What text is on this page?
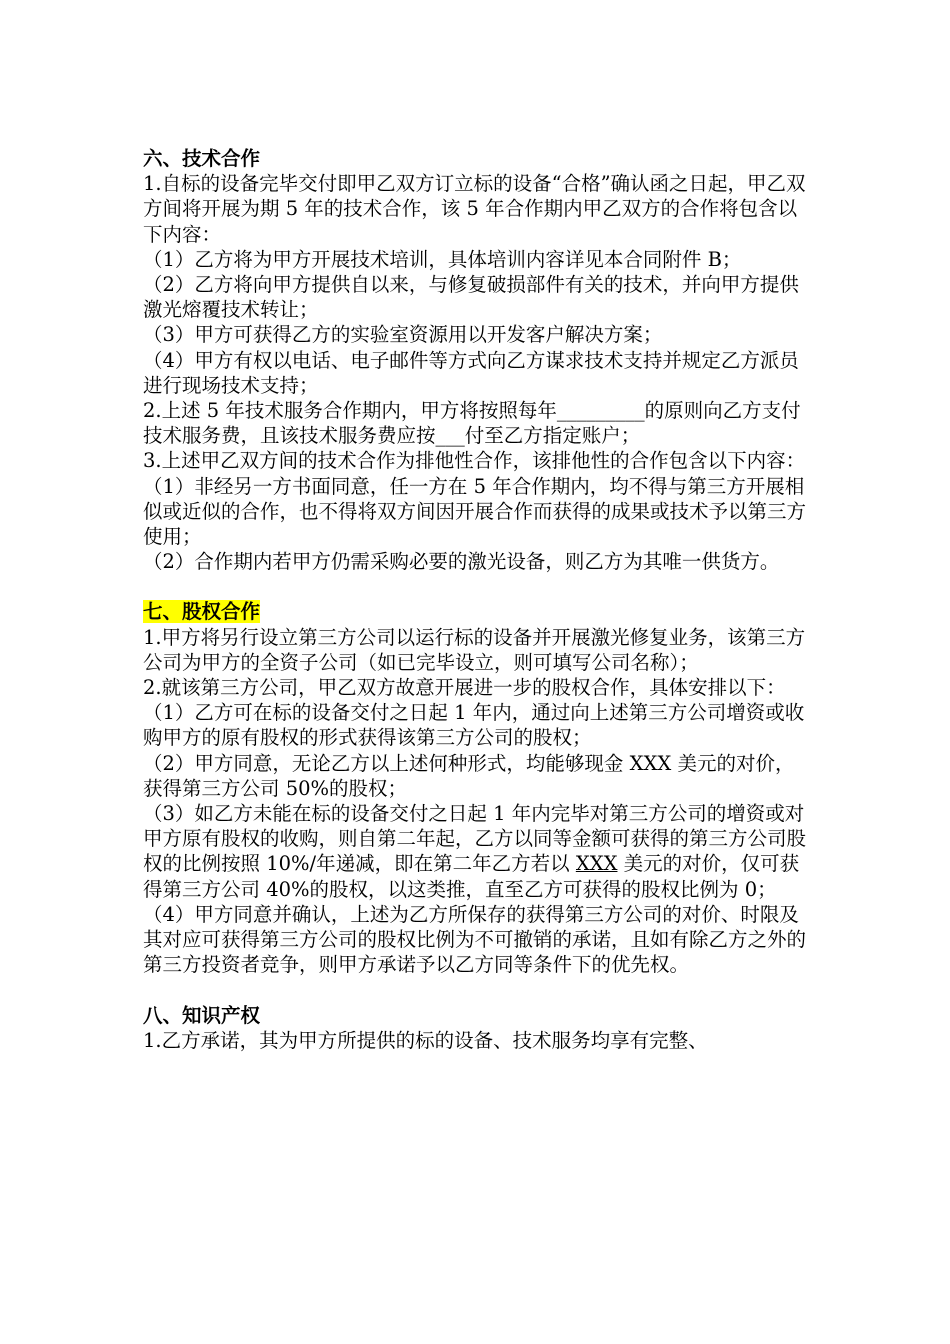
六、技术合作

1.自标的设备完毕交付即甲乙双方订立标的设备“合格”确认函之日起，甲乙双方间将开展为期 5 年的技术合作，该 5 年合作期内甲乙双方的合作将包含以下内容：

（1）乙方将为甲方开展技术培训，具体培训内容详见本合同附件 B；

（2）乙方将向甲方提供自以来，与修复破损部件有关的技术，并向甲方提供激光熔覆技术转让；

（3）甲方可获得乙方的实验室资源用以开发客户解决方案；

（4）甲方有权以电话、电子邮件等方式向乙方谋求技术支持并规定乙方派员进行现场技术支持；

2.上述 5 年技术服务合作期内，甲方将按照每年_________的原则向乙方支付技术服务费，且该技术服务费应按___付至乙方指定账户；

3.上述甲乙双方间的技术合作为排他性合作，该排他性的合作包含以下内容：

（1）非经另一方书面同意，任一方在 5 年合作期内，均不得与第三方开展相似或近似的合作，也不得将双方间因开展合作而获得的成果或技术予以第三方使用；

（2）合作期内若甲方仍需采购必要的激光设备，则乙方为其唯一供货方。

七、股权合作

1.甲方将另行设立第三方公司以运行标的设备并开展激光修复业务，该第三方公司为甲方的全资子公司（如已完毕设立，则可填写公司名称）；

2.就该第三方公司，甲乙双方故意开展进一步的股权合作，具体安排以下：

（1）乙方可在标的设备交付之日起 1 年内，通过向上述第三方公司增资或收购甲方的原有股权的形式获得该第三方公司的股权；

（2）甲方同意，无论乙方以上述何种形式，均能够现金 XXX 美元的对价，获得第三方公司 50%的股权；

（3）如乙方未能在标的设备交付之日起 1 年内完毕对第三方公司的增资或对甲方原有股权的收购，则自第二年起，乙方以同等金额可获得的第三方公司股权的比例按照 10%/年递减，即在第二年乙方若以 XXX 美元的对价，仅可获得第三方公司 40%的股权，以这类推，直至乙方可获得的股权比例为 0；

（4）甲方同意并确认，上述为乙方所保存的获得第三方公司的对价、时限及其对应可获得第三方公司的股权比例为不可撤销的承诺，且如有除乙方之外的第三方投资者竞争，则甲方承诺予以乙方同等条件下的优先权。

八、知识产权

1.乙方承诺，其为甲方所提供的标的设备、技术服务均享有完整、
